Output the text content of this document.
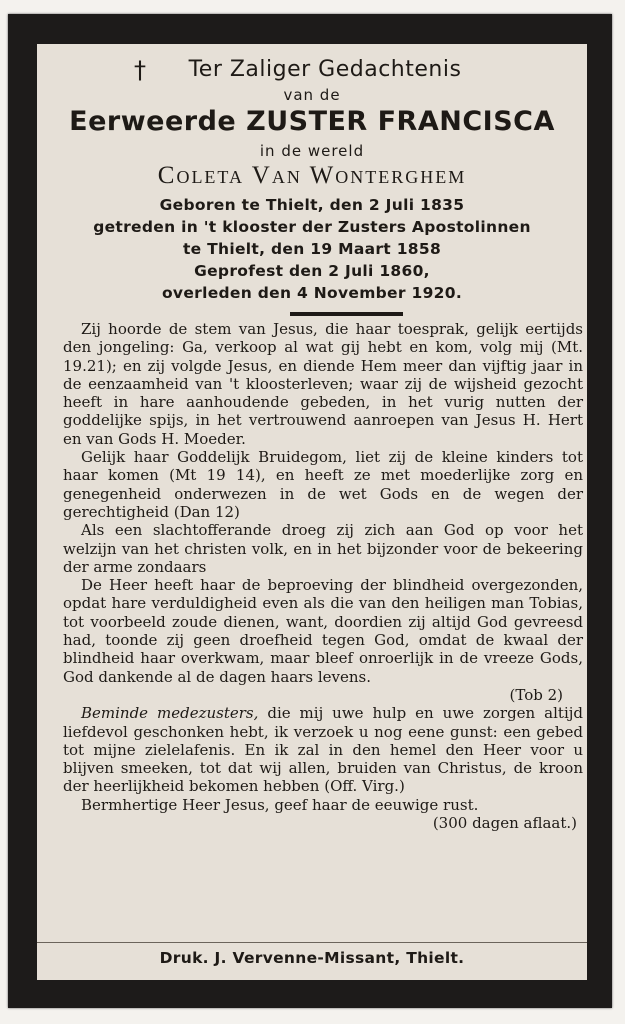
†	Ter Zaliger Gedachtenis
van de
Eerweerde ZUSTER FRANCISCA
in de wereld
Coleta Van Wonterghem
Geboren te Thielt, den 2 Juli 1835
getreden in 't klooster der Zusters Apostolinnen
te Thielt, den 19 Maart 1858
Geprofest den 2 Juli 1860,
overleden den 4 November 1920.

Zij hoorde de stem van Jesus, die haar toesprak, gelijk eertijds den jongeling: Ga, verkoop al wat gij hebt en kom, volg mij (Mt. 19.21); en zij volgde Jesus, en diende Hem meer dan vijftig jaar in de eenzaamheid van 't kloosterleven; waar zij de wijsheid gezocht heeft in hare aanhoudende gebeden, in het vurig nutten der goddelijke spijs, in het vertrouwend aanroepen van Jesus H. Hert en van Gods H. Moeder.

Gelijk haar Goddelijk Bruidegom, liet zij de kleine kinders tot haar komen (Mt 19 14), en heeft ze met moederlijke zorg en genegenheid onderwezen in de wet Gods en de wegen der gerechtigheid (Dan 12)

Als een slachtofferande droeg zij zich aan God op voor het welzijn van het christen volk, en in het bijzonder voor de bekeering der arme zondaars

De Heer heeft haar de beproeving der blindheid overgezonden, opdat hare verduldigheid even als die van den heiligen man Tobias, tot voorbeeld zoude dienen, want, doordien zij altijd God gevreesd had, toonde zij geen droefheid tegen God, omdat de kwaal der blindheid haar overkwam, maar bleef onroerlijk in de vreeze Gods, God dankende al de dagen haars levens.
(Tob 2)

Beminde medezusters, die mij uwe hulp en uwe zorgen altijd liefdevol geschonken hebt, ik verzoek u nog eene gunst: een gebed tot mijne zielelafenis. En ik zal in den hemel den Heer voor u blijven smeeken, tot dat wij allen, bruiden van Christus, de kroon der heerlijkheid bekomen hebben (Off. Virg.)

Bermhertige Heer Jesus, geef haar de eeuwige rust.

(300 dagen aflaat.)
Druk. J. Vervenne-Missant, Thielt.
